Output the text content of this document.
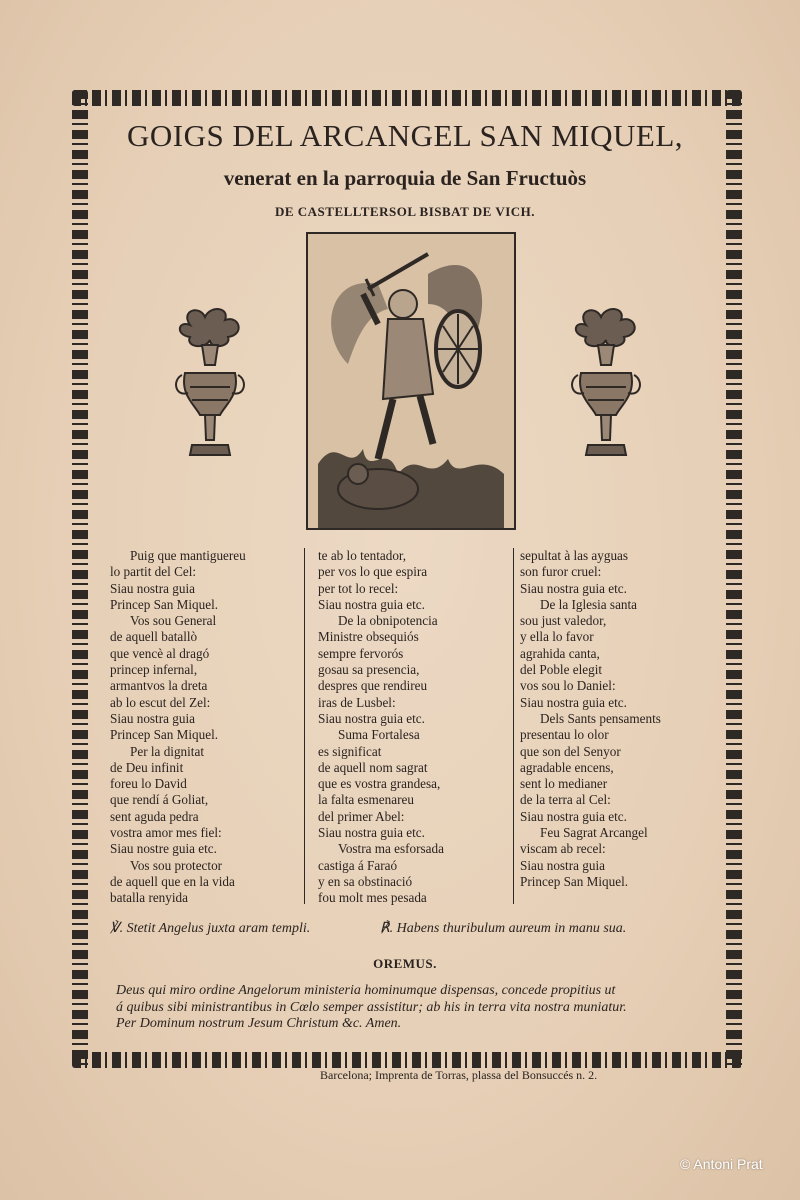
GOIGS DEL ARCANGEL SAN MIQUEL,
venerat en la parroquia de San Fructuòs
DE CASTELLTERSOL BISBAT DE VICH.
Puig que mantiguereu
lo partit del Cel:
Siau nostra guia
Princep San Miquel.
Vos sou General
de aquell batallò
que vencè al dragó
princep infernal,
armantvos la dreta
ab lo escut del Zel:
Siau nostra guia
Princep San Miquel.
Per la dignitat
de Deu infinit
foreu lo David
que rendí á Goliat,
sent aguda pedra
vostra amor mes fiel:
Siau nostre guia etc.
Vos sou protector
de aquell que en la vida
batalla renyida
te ab lo tentador,
per vos lo que espira
per tot lo recel:
Siau nostra guia etc.
De la obnipotencia
Ministre obsequiós
sempre fervorós
gosau sa presencia,
despres que rendireu
iras de Lusbel:
Siau nostra guia etc.
Suma Fortalesa
es significat
de aquell nom sagrat
que es vostra grandesa,
la falta esmenareu
del primer Abel:
Siau nostra guia etc.
Vostra ma esforsada
castiga á Faraó
y en sa obstinació
fou molt mes pesada
sepultat à las ayguas
son furor cruel:
Siau nostra guia etc.
De la Iglesia santa
sou just valedor,
y ella lo favor
agrahida canta,
del Poble elegit
vos sou lo Daniel:
Siau nostra guia etc.
Dels Sants pensaments
presentau lo olor
que son del Senyor
agradable encens,
sent lo medianer
de la terra al Cel:
Siau nostra guia etc.
Feu Sagrat Arcangel
viscam ab recel:
Siau nostra guia
Princep San Miquel.
℣. Stetit Angelus juxta aram templi.	℟. Habens thuribulum aureum in manu sua.
OREMUS.
Deus qui miro ordine Angelorum ministeria hominumque dispensas, concede propitius ut
á quibus sibi ministrantibus in Cœlo semper assistitur; ab his in terra vita nostra muniatur.
Per Dominum nostrum Jesum Christum &c. Amen.
Barcelona; Imprenta de Torras, plassa del Bonsuccés n. 2.
© Antoni Prat
